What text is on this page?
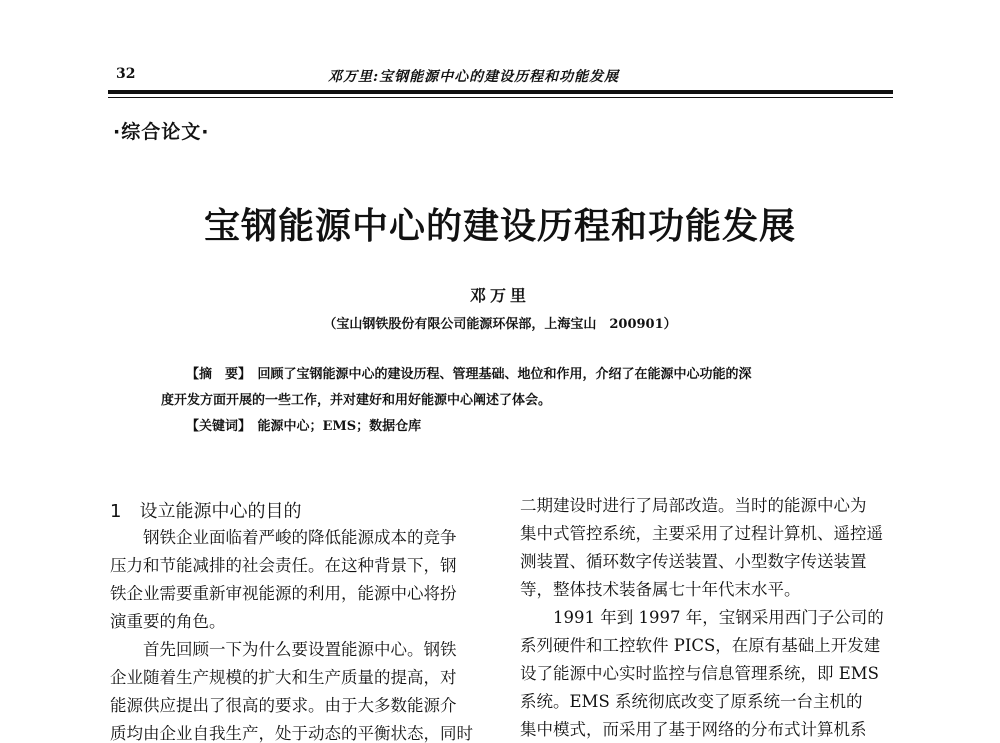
32	邓万里:宝钢能源中心的建设历程和功能发展
·综合论文·
宝钢能源中心的建设历程和功能发展
邓万里
（宝山钢铁股份有限公司能源环保部，上海宝山　200901）
【摘　要】　回顾了宝钢能源中心的建设历程、管理基础、地位和作用，介绍了在能源中心功能的深
度开发方面开展的一些工作，并对建好和用好能源中心阐述了体会。
【关键词】　能源中心；EMS；数据仓库
1　设立能源中心的目的
钢铁企业面临着严峻的降低能源成本的竞争
压力和节能减排的社会责任。在这种背景下，钢
铁企业需要重新审视能源的利用，能源中心将扮
演重要的角色。
首先回顾一下为什么要设置能源中心。钢铁
企业随着生产规模的扩大和生产质量的提高，对
能源供应提出了很高的要求。由于大多数能源介
质均由企业自我生产，处于动态的平衡状态，同时
二期建设时进行了局部改造。当时的能源中心为
集中式管控系统，主要采用了过程计算机、遥控遥
测装置、循环数字传送装置、小型数字传送装置
等，整体技术装备属七十年代末水平。
1991 年到 1997 年，宝钢采用西门子公司的
系列硬件和工控软件 PICS，在原有基础上开发建
设了能源中心实时监控与信息管理系统，即 EMS
系统。EMS 系统彻底改变了原系统一台主机的
集中模式，而采用了基于网络的分布式计算机系
